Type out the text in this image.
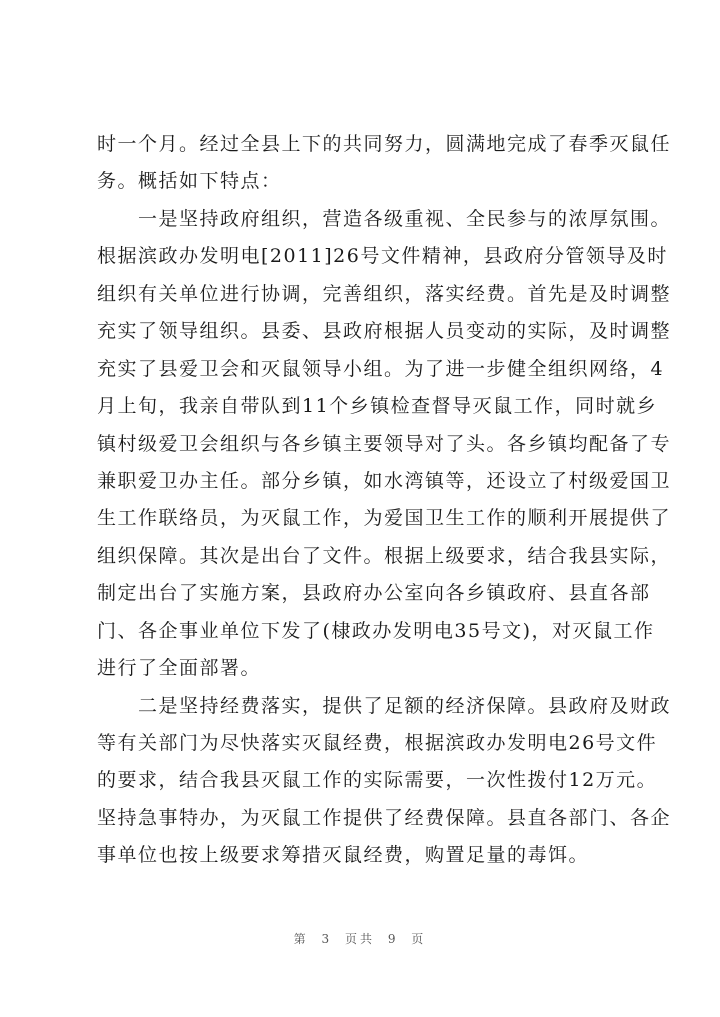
时一个月。经过全县上下的共同努力，圆满地完成了春季灭鼠任
务。概括如下特点：
　　一是坚持政府组织，营造各级重视、全民参与的浓厚氛围。
根据滨政办发明电[2011]26号文件精神，县政府分管领导及时
组织有关单位进行协调，完善组织，落实经费。首先是及时调整
充实了领导组织。县委、县政府根据人员变动的实际，及时调整
充实了县爱卫会和灭鼠领导小组。为了进一步健全组织网络，4
月上旬，我亲自带队到11个乡镇检查督导灭鼠工作，同时就乡
镇村级爱卫会组织与各乡镇主要领导对了头。各乡镇均配备了专
兼职爱卫办主任。部分乡镇，如水湾镇等，还设立了村级爱国卫
生工作联络员，为灭鼠工作，为爱国卫生工作的顺利开展提供了
组织保障。其次是出台了文件。根据上级要求，结合我县实际，
制定出台了实施方案，县政府办公室向各乡镇政府、县直各部
门、各企事业单位下发了(棣政办发明电35号文)，对灭鼠工作
进行了全面部署。
　　二是坚持经费落实，提供了足额的经济保障。县政府及财政
等有关部门为尽快落实灭鼠经费，根据滨政办发明电26号文件
的要求，结合我县灭鼠工作的实际需要，一次性拨付12万元。
坚持急事特办，为灭鼠工作提供了经费保障。县直各部门、各企
事单位也按上级要求筹措灭鼠经费，购置足量的毒饵。
第 3 页共 9 页
